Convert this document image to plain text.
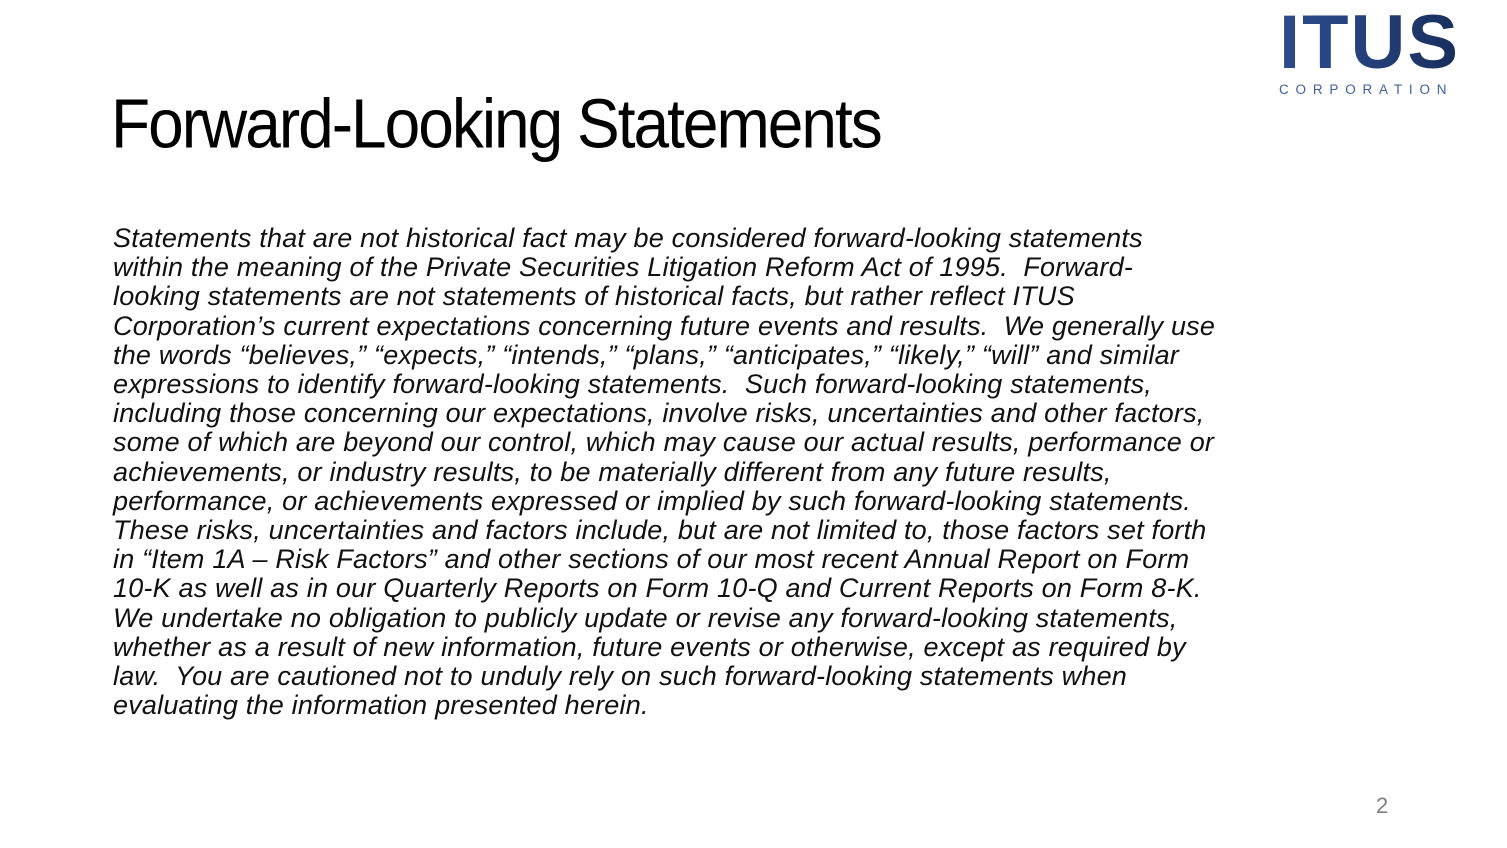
Forward-Looking Statements
ITUS
CORPORATION
Statements that are not historical fact may be considered forward-looking statements
within the meaning of the Private Securities Litigation Reform Act of 1995.  Forward-
looking statements are not statements of historical facts, but rather reflect ITUS
Corporation’s current expectations concerning future events and results.  We generally use
the words “believes,” “expects,” “intends,” “plans,” “anticipates,” “likely,” “will” and similar
expressions to identify forward-looking statements.  Such forward-looking statements,
including those concerning our expectations, involve risks, uncertainties and other factors,
some of which are beyond our control, which may cause our actual results, performance or
achievements, or industry results, to be materially different from any future results,
performance, or achievements expressed or implied by such forward-looking statements.
These risks, uncertainties and factors include, but are not limited to, those factors set forth
in “Item 1A – Risk Factors” and other sections of our most recent Annual Report on Form
10-K as well as in our Quarterly Reports on Form 10-Q and Current Reports on Form 8-K.
We undertake no obligation to publicly update or revise any forward-looking statements,
whether as a result of new information, future events or otherwise, except as required by
law.  You are cautioned not to unduly rely on such forward-looking statements when
evaluating the information presented herein.
2
